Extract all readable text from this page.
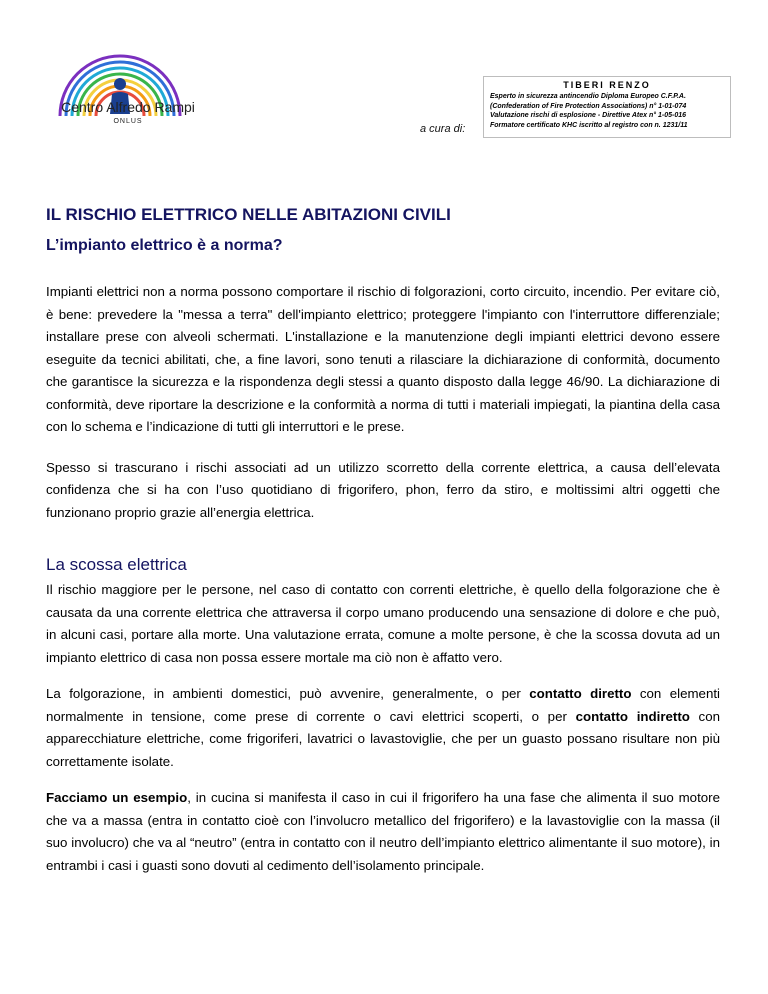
Centro Alfredo Rampi
ONLUS
a cura di:
TIBERI RENZO
Esperto in sicurezza antincendio Diploma Europeo C.F.P.A.
(Confederation of Fire Protection Associations) n° 1-01-074
Valutazione rischi di esplosione - Direttive Atex n° 1-05-016
Formatore certificato KHC iscritto al registro con n. 1231/11
IL RISCHIO ELETTRICO NELLE ABITAZIONI CIVILI
L’impianto elettrico è a norma?

Impianti elettrici non a norma possono comportare il rischio di folgorazioni, corto circuito, incendio. Per evitare ciò, è bene: prevedere la "messa a terra" dell'impianto elettrico; proteggere l'impianto con l'interruttore differenziale; installare prese con alveoli schermati. L'installazione e la manutenzione degli impianti elettrici devono essere eseguite da tecnici abilitati, che, a fine lavori, sono tenuti a rilasciare la dichiarazione di conformità, documento che garantisce la sicurezza e la rispondenza degli stessi a quanto disposto dalla legge 46/90. La dichiarazione di conformità, deve riportare la descrizione e la conformità a norma di tutti i materiali impiegati, la piantina della casa con lo schema e l’indicazione di tutti gli interruttori e le prese.

Spesso si trascurano i rischi associati ad un utilizzo scorretto della corrente elettrica, a causa dell’elevata confidenza che si ha con l’uso quotidiano di frigorifero, phon, ferro da stiro, e moltissimi altri oggetti che funzionano proprio grazie all’energia elettrica.

La scossa elettrica

Il rischio maggiore per le persone, nel caso di contatto con correnti elettriche, è quello della folgorazione che è causata da una corrente elettrica che attraversa il corpo umano producendo una sensazione di dolore e che può, in alcuni casi, portare alla morte. Una valutazione errata, comune a molte persone, è che la scossa dovuta ad un impianto elettrico di casa non possa essere mortale ma ciò non è affatto vero.

La folgorazione, in ambienti domestici, può avvenire, generalmente, o per contatto diretto con elementi normalmente in tensione, come prese di corrente o cavi elettrici scoperti, o per contatto indiretto con apparecchiature elettriche, come frigoriferi, lavatrici o lavastoviglie, che per un guasto possano risultare non più correttamente isolate.

Facciamo un esempio, in cucina si manifesta il caso in cui il frigorifero ha una fase che alimenta il suo motore che va a massa (entra in contatto cioè con l’involucro metallico del frigorifero) e la lavastoviglie con la massa (il suo involucro) che va al “neutro” (entra in contatto con il neutro dell’impianto elettrico alimentante il suo motore), in entrambi i casi i guasti sono dovuti al cedimento dell’isolamento principale.
